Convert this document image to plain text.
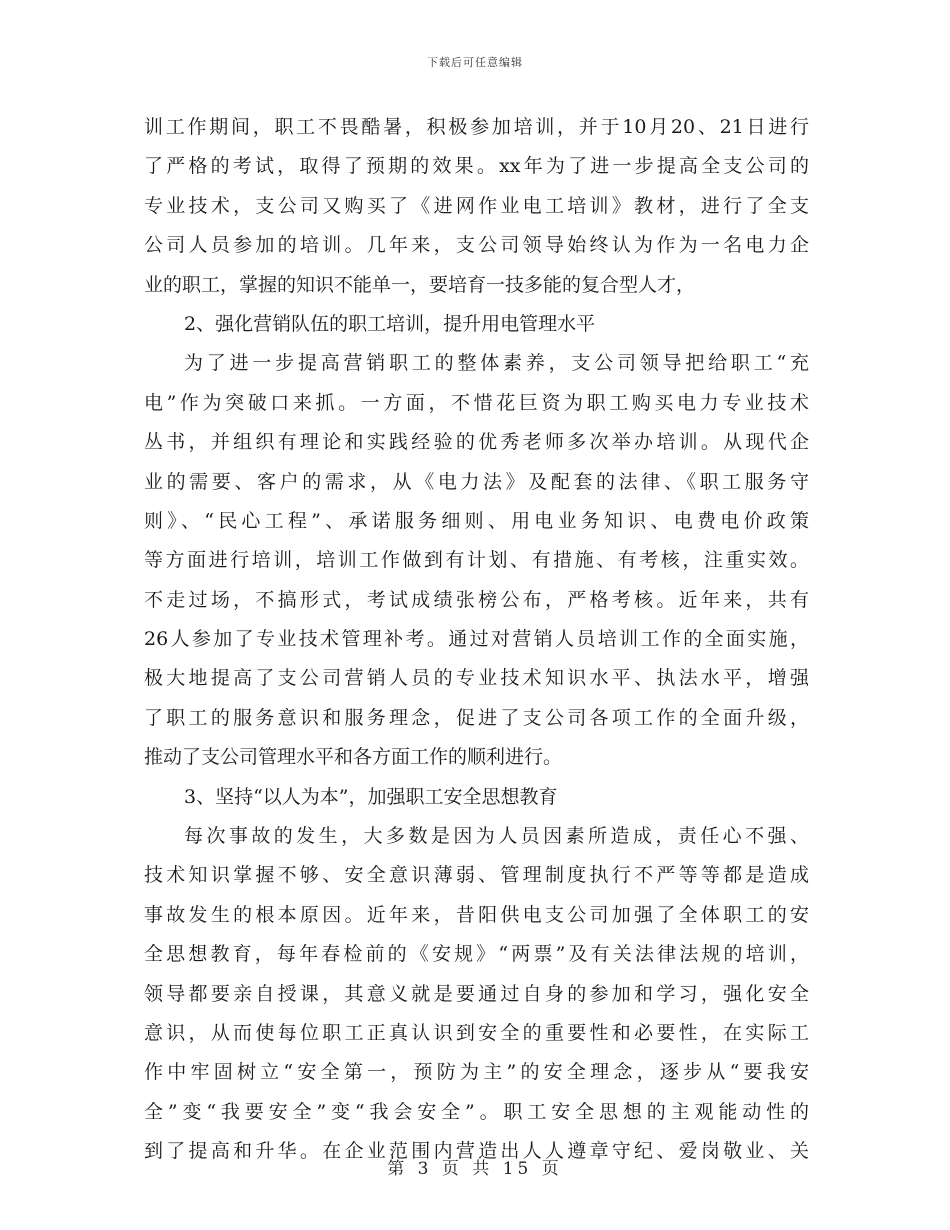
下载后可任意编辑
训工作期间，职工不畏酷暑，积极参加培训，并于10月20、21日进行
了严格的考试，取得了预期的效果。xx年为了进一步提高全支公司的
专业技术，支公司又购买了《进网作业电工培训》教材，进行了全支
公司人员参加的培训。几年来，支公司领导始终认为作为一名电力企
业的职工，掌握的知识不能单一，要培育一技多能的复合型人才，
2、强化营销队伍的职工培训，提升用电管理水平
为了进一步提高营销职工的整体素养，支公司领导把给职工“充
电”作为突破口来抓。一方面，不惜花巨资为职工购买电力专业技术
丛书，并组织有理论和实践经验的优秀老师多次举办培训。从现代企
业的需要、客户的需求，从《电力法》及配套的法律、《职工服务守
则》、“民心工程”、承诺服务细则、用电业务知识、电费电价政策
等方面进行培训，培训工作做到有计划、有措施、有考核，注重实效。
不走过场，不搞形式，考试成绩张榜公布，严格考核。近年来，共有
26人参加了专业技术管理补考。通过对营销人员培训工作的全面实施，
极大地提高了支公司营销人员的专业技术知识水平、执法水平，增强
了职工的服务意识和服务理念，促进了支公司各项工作的全面升级，
推动了支公司管理水平和各方面工作的顺利进行。
3、坚持“以人为本”，加强职工安全思想教育
每次事故的发生，大多数是因为人员因素所造成，责任心不强、
技术知识掌握不够、安全意识薄弱、管理制度执行不严等等都是造成
事故发生的根本原因。近年来，昔阳供电支公司加强了全体职工的安
全思想教育，每年春检前的《安规》“两票”及有关法律法规的培训，
领导都要亲自授课，其意义就是要通过自身的参加和学习，强化安全
意识，从而使每位职工正真认识到安全的重要性和必要性，在实际工
作中牢固树立“安全第一，预防为主”的安全理念，逐步从“要我安
全”变“我要安全”变“我会安全”。职工安全思想的主观能动性的
到了提高和升华。在企业范围内营造出人人遵章守纪、爱岗敬业、关
第 3 页 共 15 页
